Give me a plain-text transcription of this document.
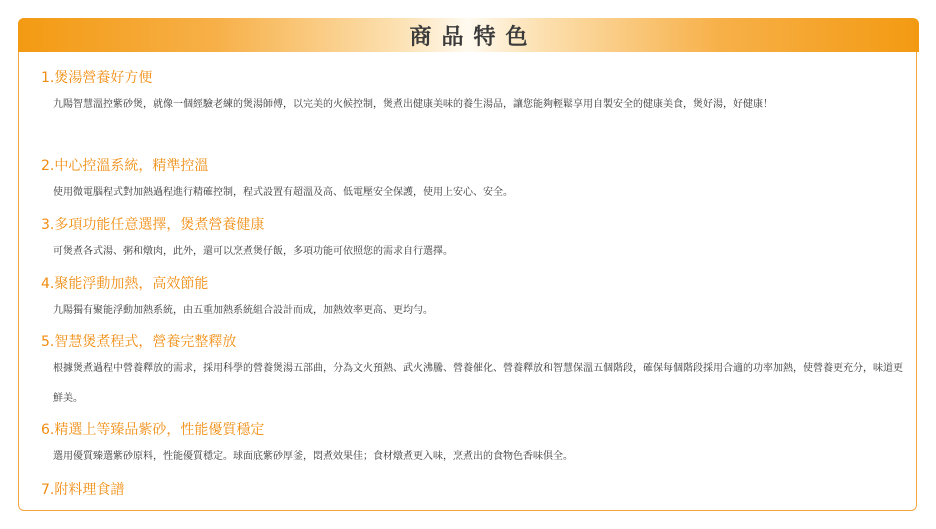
商品特色
1.煲湯營養好方便
九陽智慧溫控紫砂煲，就像一個經驗老練的煲湯師傅，以完美的火候控制，煲煮出健康美味的養生湯品，讓您能夠輕鬆享用自製安全的健康美食，煲好湯，好健康！
2.中心控溫系統，精準控溫
使用微電腦程式對加熱過程進行精確控制，程式設置有超溫及高、低電壓安全保護，使用上安心、安全。
3.多項功能任意選擇，煲煮營養健康
可煲煮各式湯、粥和燉肉，此外，還可以烹煮煲仔飯，多項功能可依照您的需求自行選擇。
4.聚能浮動加熱，高效節能
九陽獨有聚能浮動加熱系統，由五重加熱系統組合設計而成，加熱效率更高、更均勻。
5.智慧煲煮程式，營養完整釋放
根據煲煮過程中營養釋放的需求，採用科學的營養煲湯五部曲，分為文火預熱、武火沸騰、營養催化、營養釋放和智慧保溫五個階段，確保每個階段採用合適的功率加熱，使營養更充分，味道更鮮美。
6.精選上等臻品紫砂，性能優質穩定
選用優質臻選紫砂原料，性能優質穩定。球面底紫砂厚釜，悶煮效果佳；食材燉煮更入味，烹煮出的食物色香味俱全。
7.附料理食譜
